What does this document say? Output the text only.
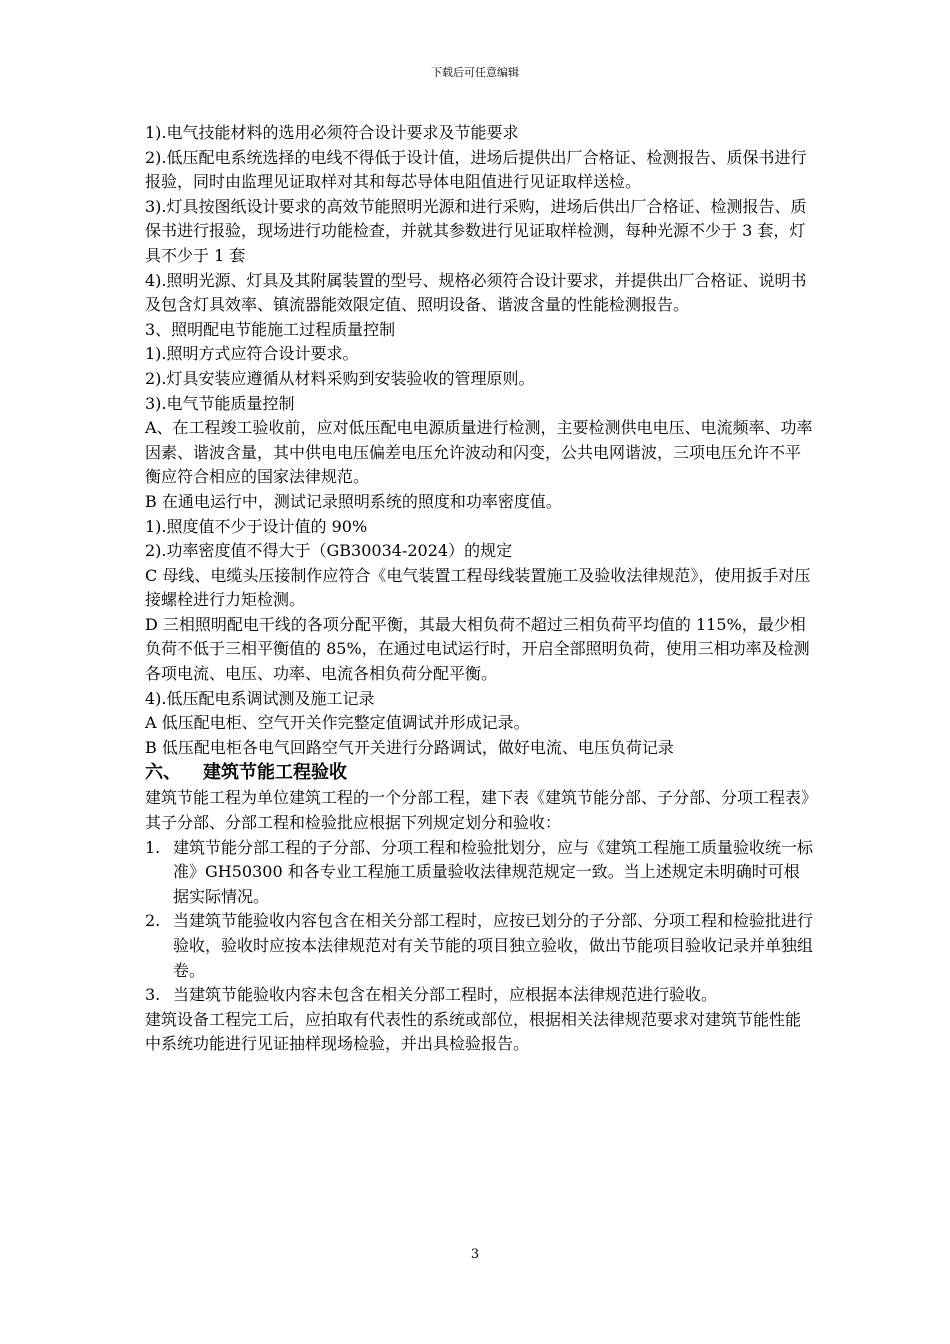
下载后可任意编辑

1).电气技能材料的选用必须符合设计要求及节能要求

2).低压配电系统选择的电线不得低于设计值，进场后提供出厂合格证、检测报告、质保书进行报验，同时由监理见证取样对其和每芯导体电阻值进行见证取样送检。

3).灯具按图纸设计要求的高效节能照明光源和进行采购，进场后供出厂合格证、检测报告、质保书进行报验，现场进行功能检查，并就其参数进行见证取样检测，每种光源不少于 3 套，灯具不少于 1 套

4).照明光源、灯具及其附属装置的型号、规格必须符合设计要求，并提供出厂合格证、说明书及包含灯具效率、镇流器能效限定值、照明设备、谐波含量的性能检测报告。

3、照明配电节能施工过程质量控制

1).照明方式应符合设计要求。

2).灯具安装应遵循从材料采购到安装验收的管理原则。

3).电气节能质量控制

A、在工程竣工验收前，应对低压配电电源质量进行检测，主要检测供电电压、电流频率、功率因素、谐波含量，其中供电电压偏差电压允许波动和闪变，公共电网谐波，三项电压允许不平衡应符合相应的国家法律规范。

B 在通电运行中，测试记录照明系统的照度和功率密度值。

1).照度值不少于设计值的 90%

2).功率密度值不得大于（GB30034-2024）的规定

C 母线、电缆头压接制作应符合《电气装置工程母线装置施工及验收法律规范》，使用扳手对压接螺栓进行力矩检测。

D 三相照明配电干线的各项分配平衡，其最大相负荷不超过三相负荷平均值的 115%，最少相负荷不低于三相平衡值的 85%，在通过电试运行时，开启全部照明负荷，使用三相功率及检测各项电流、电压、功率、电流各相负荷分配平衡。

4).低压配电系调试测及施工记录

A 低压配电柜、空气开关作完整定值调试并形成记录。

B 低压配电柜各电气回路空气开关进行分路调试，做好电流、电压负荷记录

六、	建筑节能工程验收

建筑节能工程为单位建筑工程的一个分部工程，建下表《建筑节能分部、子分部、分项工程表》其子分部、分部工程和检验批应根据下列规定划分和验收：

1. 建筑节能分部工程的子分部、分项工程和检验批划分，应与《建筑工程施工质量验收统一标准》GH50300 和各专业工程施工质量验收法律规范规定一致。当上述规定未明确时可根据实际情况。
2. 当建筑节能验收内容包含在相关分部工程时，应按已划分的子分部、分项工程和检验批进行验收，验收时应按本法律规范对有关节能的项目独立验收，做出节能项目验收记录并单独组卷。
3. 当建筑节能验收内容未包含在相关分部工程时，应根据本法律规范进行验收。

建筑设备工程完工后，应拍取有代表性的系统或部位，根据相关法律规范要求对建筑节能性能中系统功能进行见证抽样现场检验，并出具检验报告。

3
